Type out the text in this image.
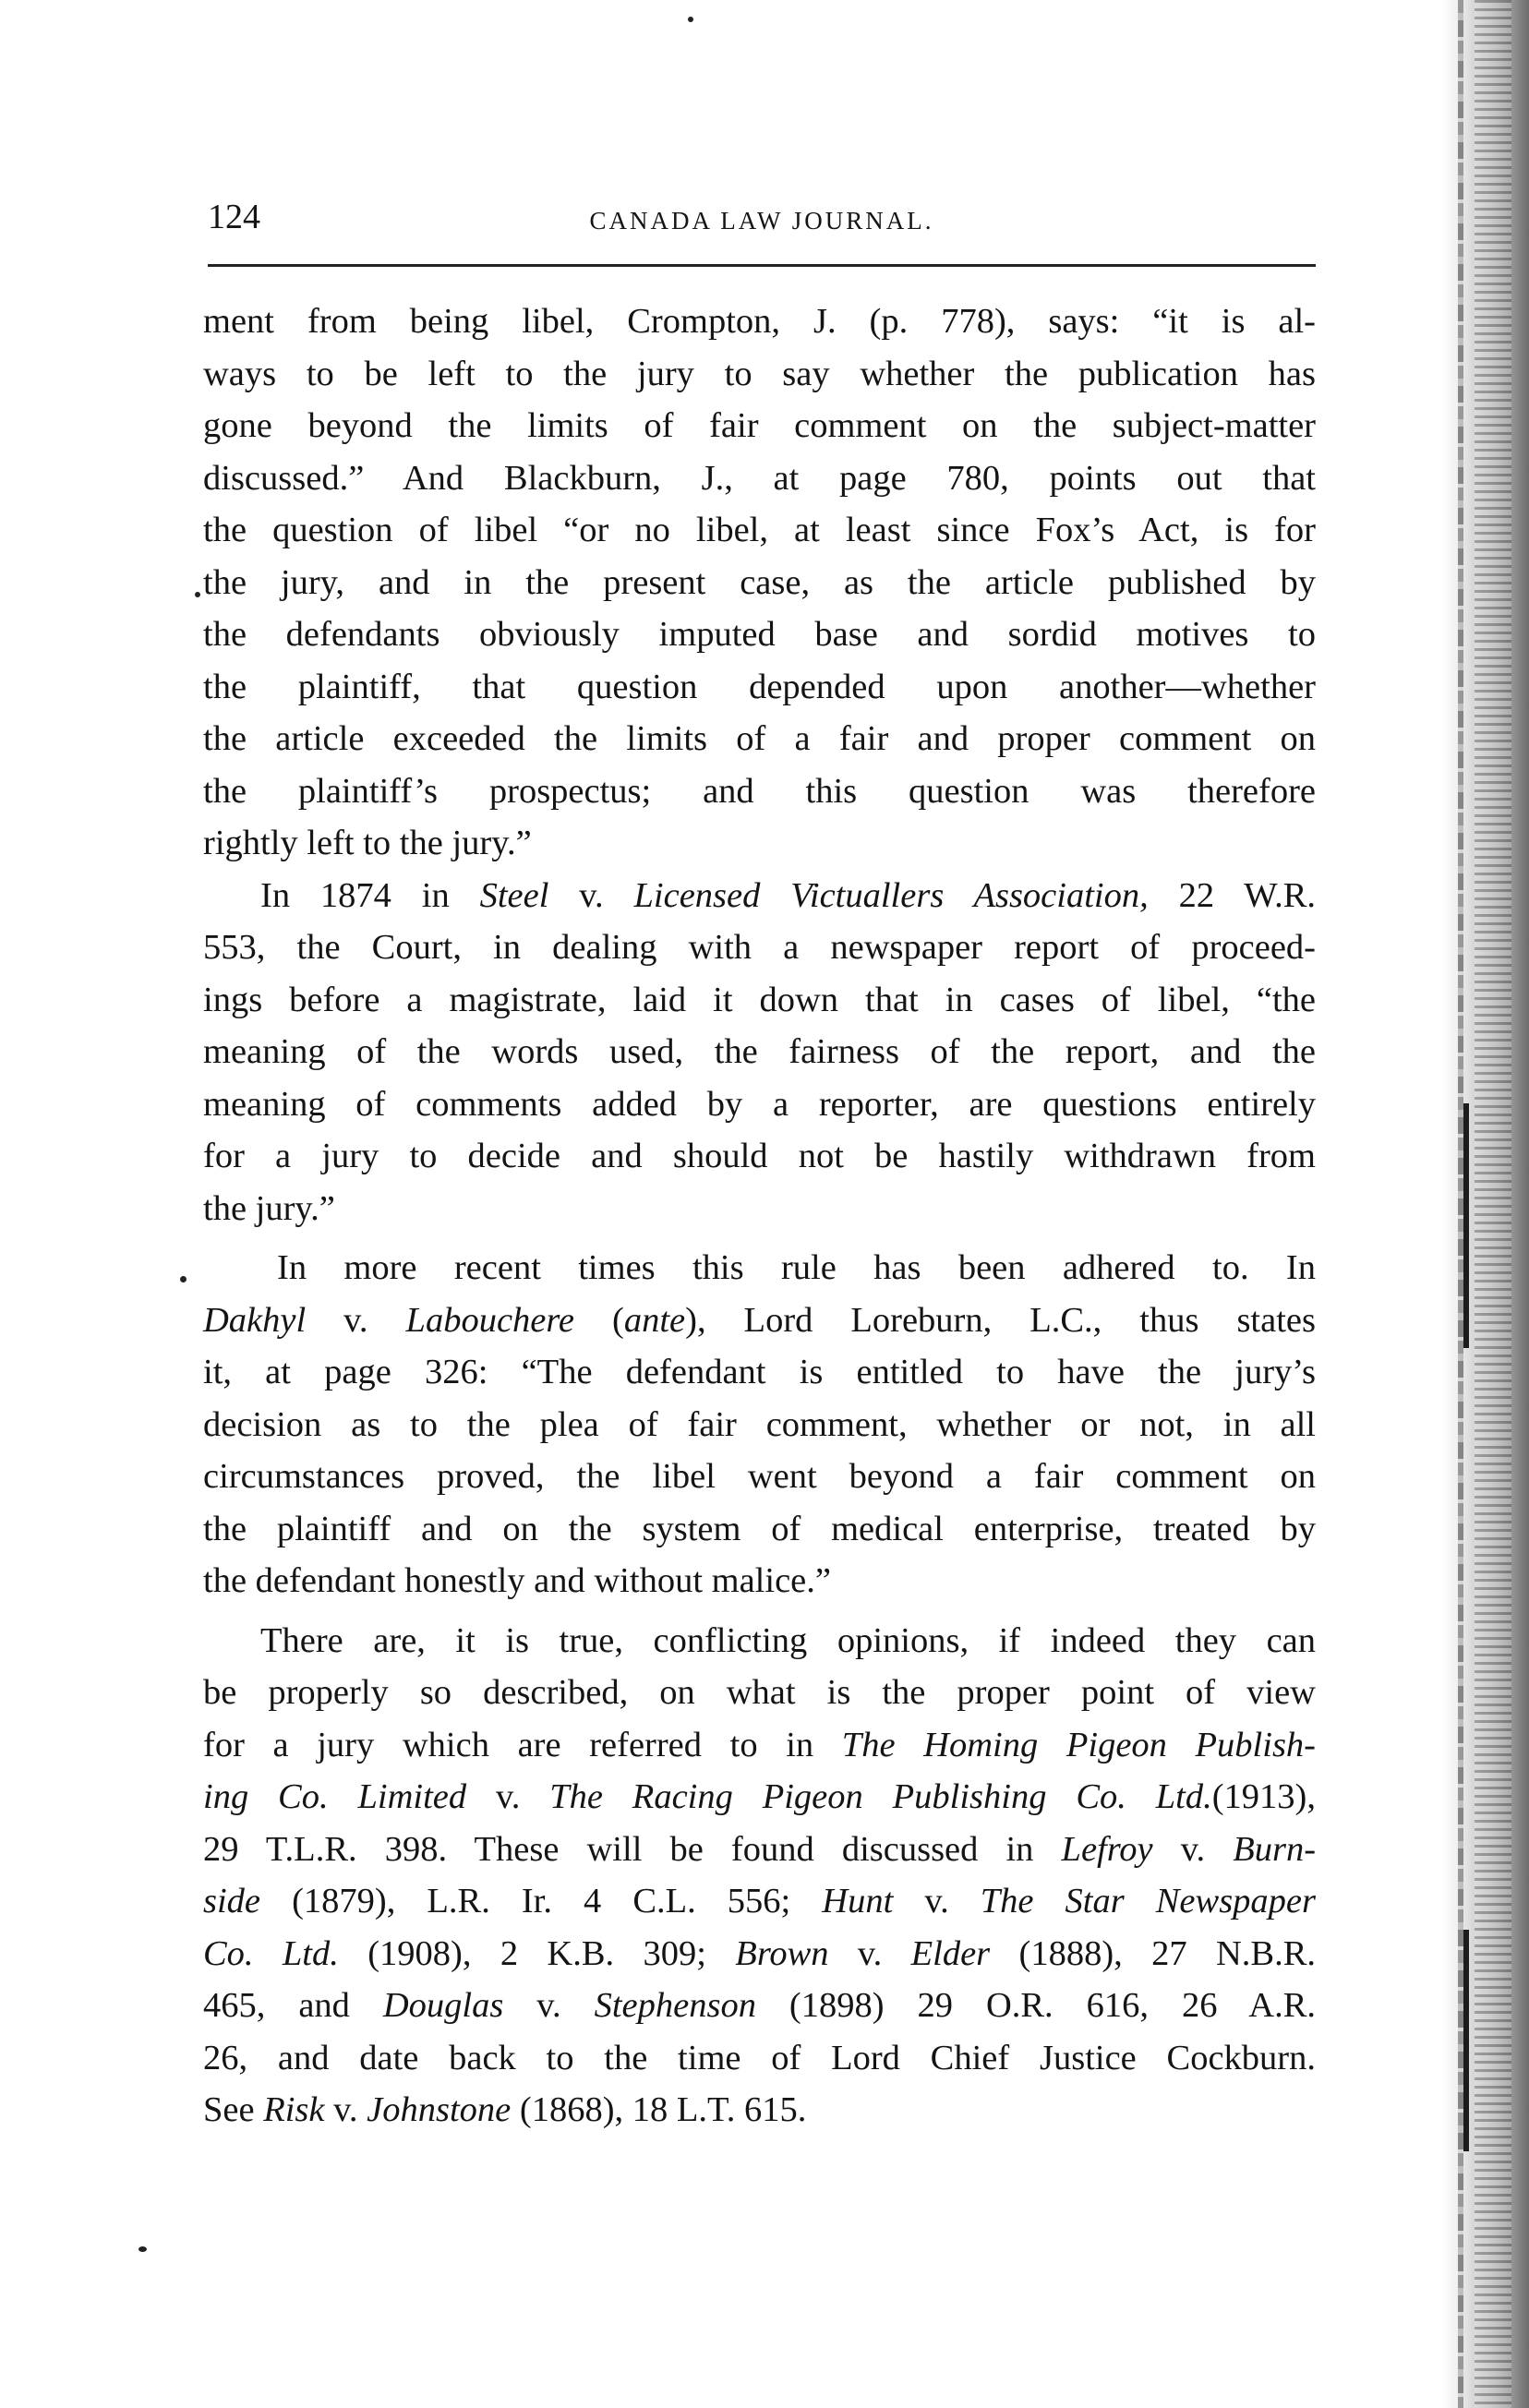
124	CANADA LAW JOURNAL.

ment from being libel, Crompton, J. (p. 778), says: “it is al-
ways to be left to the jury to say whether the publication has
gone beyond the limits of fair comment on the subject-matter
discussed.” And Blackburn, J., at page 780, points out that
the question of libel “or no libel, at least since Fox’s Act, is for
the jury, and in the present case, as the article published by
the defendants obviously imputed base and sordid motives to
the plaintiff, that question depended upon another—whether
the article exceeded the limits of a fair and proper comment on
the plaintiff’s prospectus; and this question was therefore
rightly left to the jury.”

In 1874 in Steel v. Licensed Victuallers Association, 22 W.R.
553, the Court, in dealing with a newspaper report of proceed-
ings before a magistrate, laid it down that in cases of libel, “the
meaning of the words used, the fairness of the report, and the
meaning of comments added by a reporter, are questions entirely
for a jury to decide and should not be hastily withdrawn from
the jury.”

In more recent times this rule has been adhered to. In
Dakhyl v. Labouchere (ante), Lord Loreburn, L.C., thus states
it, at page 326: “The defendant is entitled to have the jury’s
decision as to the plea of fair comment, whether or not, in all
circumstances proved, the libel went beyond a fair comment on
the plaintiff and on the system of medical enterprise, treated by
the defendant honestly and without malice.”

There are, it is true, conflicting opinions, if indeed they can
be properly so described, on what is the proper point of view
for a jury which are referred to in The Homing Pigeon Publish-
ing Co. Limited v. The Racing Pigeon Publishing Co. Ltd.(1913),
29 T.L.R. 398. These will be found discussed in Lefroy v. Burn-
side (1879), L.R. Ir. 4 C.L. 556; Hunt v. The Star Newspaper
Co. Ltd. (1908), 2 K.B. 309; Brown v. Elder (1888), 27 N.B.R.
465, and Douglas v. Stephenson (1898) 29 O.R. 616, 26 A.R.
26, and date back to the time of Lord Chief Justice Cockburn.
See Risk v. Johnstone (1868), 18 L.T. 615.
